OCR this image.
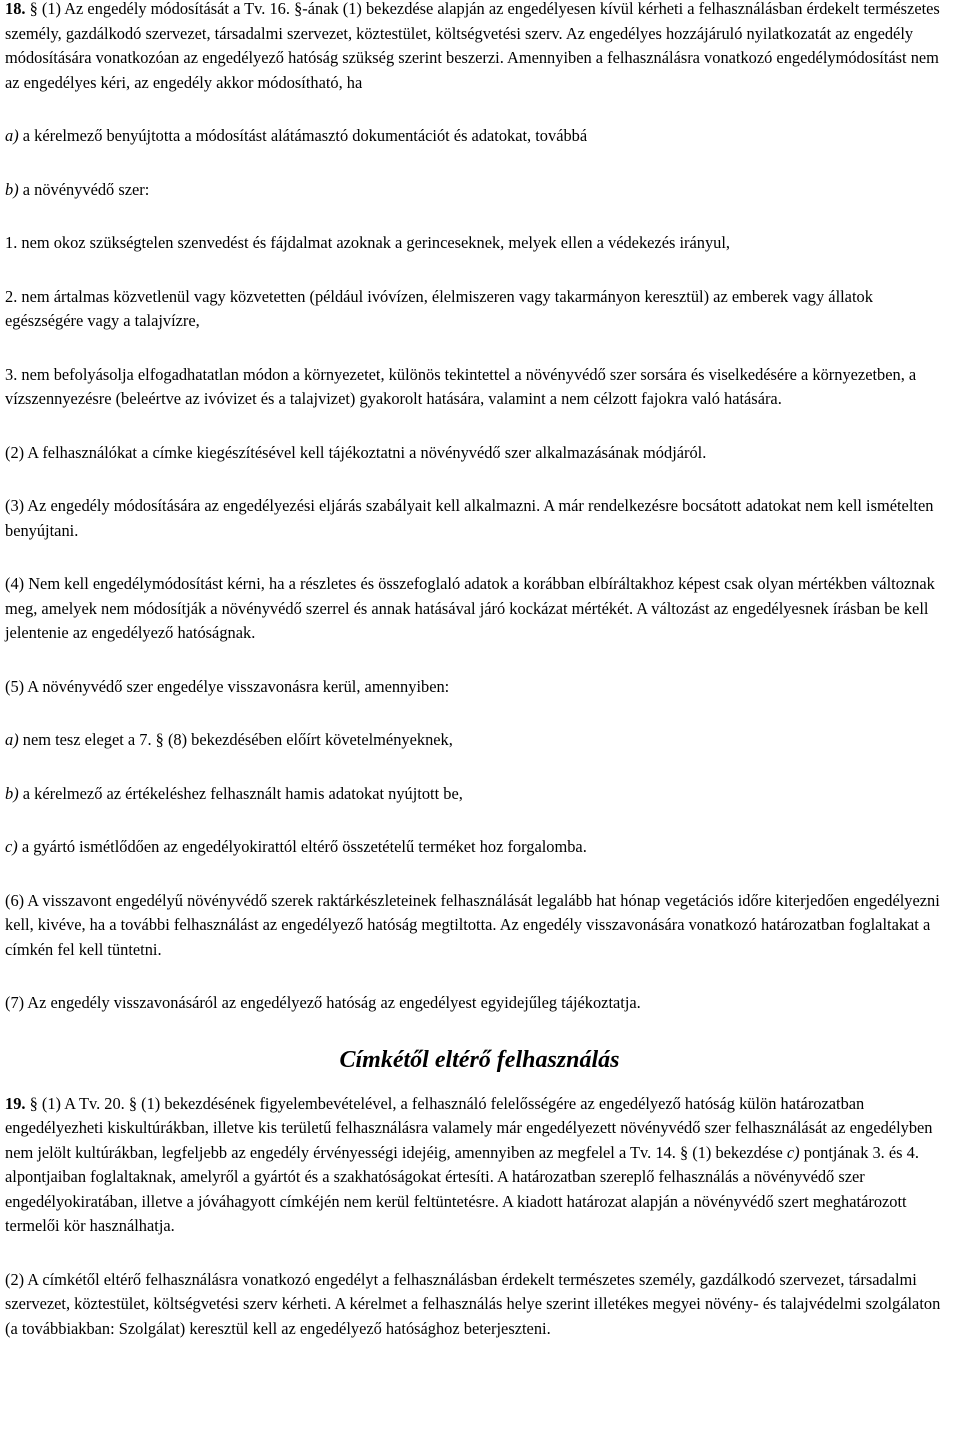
18. § (1) Az engedély módosítását a Tv. 16. §-ának (1) bekezdése alapján az engedélyesen kívül kérheti a felhasználásban érdekelt természetes személy, gazdálkodó szervezet, társadalmi szervezet, köztestület, költségvetési szerv. Az engedélyes hozzájáruló nyilatkozatát az engedély módosítására vonatkozóan az engedélyező hatóság szükség szerint beszerzi. Amennyiben a felhasználásra vonatkozó engedélymódosítást nem az engedélyes kéri, az engedély akkor módosítható, ha

a) a kérelmező benyújtotta a módosítást alátámasztó dokumentációt és adatokat, továbbá

b) a növényvédő szer:

1. nem okoz szükségtelen szenvedést és fájdalmat azoknak a gerinceseknek, melyek ellen a védekezés irányul,

2. nem ártalmas közvetlenül vagy közvetetten (például ivóvízen, élelmiszeren vagy takarmányon keresztül) az emberek vagy állatok egészségére vagy a talajvízre,

3. nem befolyásolja elfogadhatatlan módon a környezetet, különös tekintettel a növényvédő szer sorsára és viselkedésére a környezetben, a vízszennyezésre (beleértve az ivóvizet és a talajvizet) gyakorolt hatására, valamint a nem célzott fajokra való hatására.

(2) A felhasználókat a címke kiegészítésével kell tájékoztatni a növényvédő szer alkalmazásának módjáról.

(3) Az engedély módosítására az engedélyezési eljárás szabályait kell alkalmazni. A már rendelkezésre bocsátott adatokat nem kell ismételten benyújtani.

(4) Nem kell engedélymódosítást kérni, ha a részletes és összefoglaló adatok a korábban elbíráltakhoz képest csak olyan mértékben változnak meg, amelyek nem módosítják a növényvédő szerrel és annak hatásával járó kockázat mértékét. A változást az engedélyesnek írásban be kell jelentenie az engedélyező hatóságnak.

(5) A növényvédő szer engedélye visszavonásra kerül, amennyiben:

a) nem tesz eleget a 7. § (8) bekezdésében előírt követelményeknek,

b) a kérelmező az értékeléshez felhasznált hamis adatokat nyújtott be,

c) a gyártó ismétlődően az engedélyokirattól eltérő összetételű terméket hoz forgalomba.

(6) A visszavont engedélyű növényvédő szerek raktárkészleteinek felhasználását legalább hat hónap vegetációs időre kiterjedően engedélyezni kell, kivéve, ha a további felhasználást az engedélyező hatóság megtiltotta. Az engedély visszavonására vonatkozó határozatban foglaltakat a címkén fel kell tüntetni.

(7) Az engedély visszavonásáról az engedélyező hatóság az engedélyest egyidejűleg tájékoztatja.

Címkétől eltérő felhasználás

19. § (1) A Tv. 20. § (1) bekezdésének figyelembevételével, a felhasználó felelősségére az engedélyező hatóság külön határozatban engedélyezheti kiskultúrákban, illetve kis területű felhasználásra valamely már engedélyezett növényvédő szer felhasználását az engedélyben nem jelölt kultúrákban, legfeljebb az engedély érvényességi idejéig, amennyiben az megfelel a Tv. 14. § (1) bekezdése c) pontjának 3. és 4. alpontjaiban foglaltaknak, amelyről a gyártót és a szakhatóságokat értesíti. A határozatban szereplő felhasználás a növényvédő szer engedélyokiratában, illetve a jóváhagyott címkéjén nem kerül feltüntetésre. A kiadott határozat alapján a növényvédő szert meghatározott termelői kör használhatja.

(2) A címkétől eltérő felhasználásra vonatkozó engedélyt a felhasználásban érdekelt természetes személy, gazdálkodó szervezet, társadalmi szervezet, köztestület, költségvetési szerv kérheti. A kérelmet a felhasználás helye szerint illetékes megyei növény- és talajvédelmi szolgálaton (a továbbiakban: Szolgálat) keresztül kell az engedélyező hatósághoz beterjeszteni.
